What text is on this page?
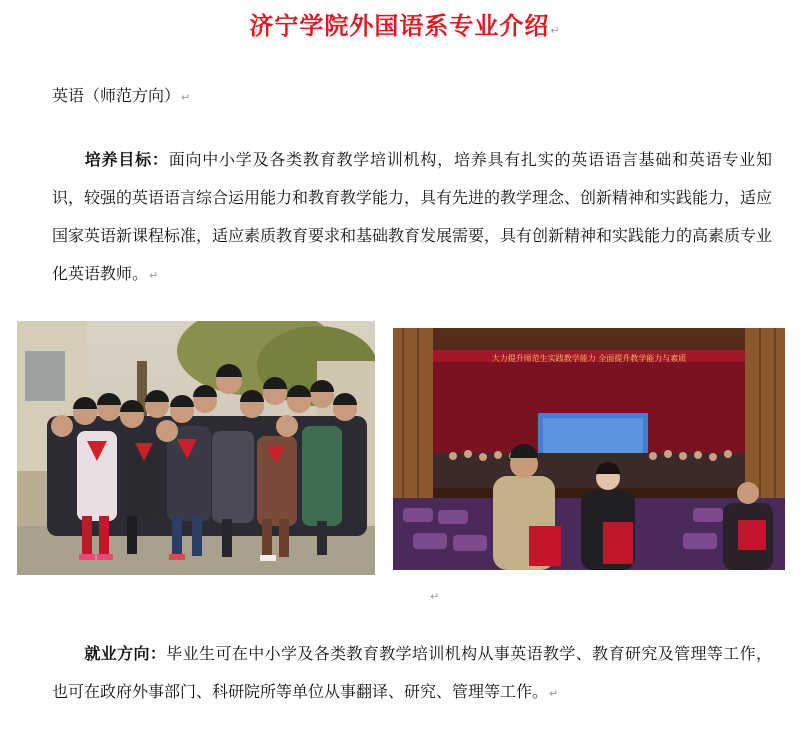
济宁学院外国语系专业介绍↵
英语（师范方向）↵
培养目标：面向中小学及各类教育教学培训机构，培养具有扎实的英语语言基础和英语专业知识，较强的英语语言综合运用能力和教育教学能力，具有先进的教学理念、创新精神和实践能力，适应国家英语新课程标准，适应素质教育要求和基础教育发展需要，具有创新精神和实践能力的高素质专业化英语教师。↵
大力提升师范生实践教学能力 全面提升教学能力与素质
↵
就业方向：毕业生可在中小学及各类教育教学培训机构从事英语教学、教育研究及管理等工作，也可在政府外事部门、科研院所等单位从事翻译、研究、管理等工作。↵
